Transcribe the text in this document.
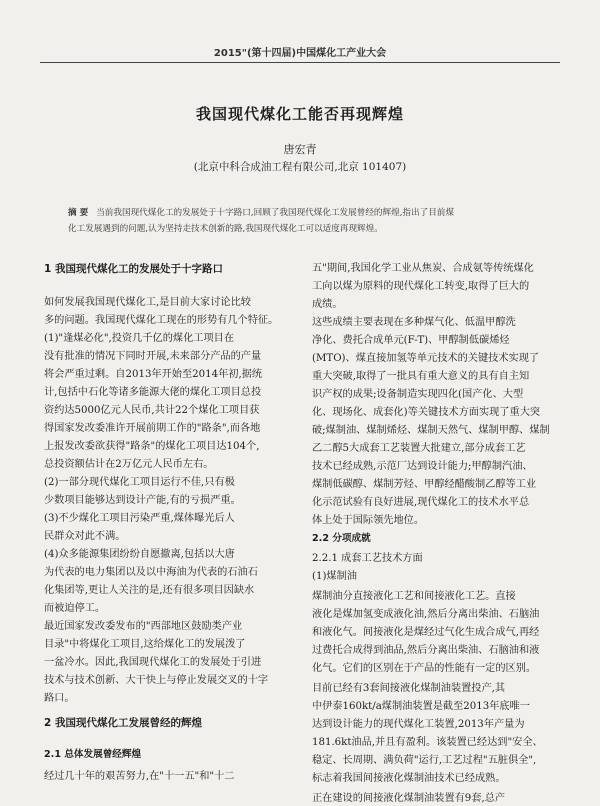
2015"(第十四届)中国煤化工产业大会
我国现代煤化工能否再现辉煌
唐宏青
(北京中科合成油工程有限公司,北京 101407)
摘 要 当前我国现代煤化工的发展处于十字路口,回顾了我国现代煤化工发展曾经的辉煌,指出了目前煤
化工发展遇到的问题,认为坚持走技术创新的路,我国现代煤化工可以适度再现辉煌。
1 我国现代煤化工的发展处于十字路口
如何发展我国现代煤化工,是目前大家讨论比较
多的问题。我国现代煤化工现在的形势有几个特征。
(1)"逢煤必化",投资几千亿的煤化工项目在
没有批准的情况下同时开展,未来部分产品的产量
将会严重过剩。自2013年开始至2014年初,据统
计,包括中石化等诸多能源大佬的煤化工项目总投
资约达5000亿元人民币,共计22个煤化工项目获
得国家发改委准许开展前期工作的"路条",而各地
上报发改委欲获得"路条"的煤化工项目达104个,
总投资额估计在2万亿元人民币左右。
(2)一部分现代煤化工项目运行不佳,只有极
少数项目能够达到设计产能,有的亏损严重。
(3)不少煤化工项目污染严重,煤体曝光后人
民群众对此不满。
(4)众多能源集团纷纷自愿撤离,包括以大唐
为代表的电力集团以及以中海油为代表的石油石
化集团等,更让人关注的是,还有很多项目因缺水
而被迫停工。
最近国家发改委发布的"西部地区鼓励类产业
目录"中将煤化工项目,这给煤化工的发展泼了
一盆冷水。因此,我国现代煤化工的发展处于引进
技术与技术创新、大干快上与停止发展交叉的十字
路口。
2 我国现代煤化工发展曾经的辉煌
2.1 总体发展曾经辉煌
经过几十年的艰苦努力,在"十一五"和"十二
五"期间,我国化学工业从焦炭、合成氨等传统煤化
工向以煤为原料的现代煤化工转变,取得了巨大的
成绩。
这些成绩主要表现在多种煤气化、低温甲醇洗
净化、费托合成单元(F-T)、甲醇制低碳烯烃
(MTO)、煤直接加氢等单元技术的关键技术实现了
重大突破,取得了一批具有重大意义的具有自主知
识产权的成果;设备制造实现四化(国产化、大型
化、现场化、成套化)等关键技术方面实现了重大突
破;煤制油、煤制烯烃、煤制天然气、煤制甲醇、煤制
乙二醇5大成套工艺装置大批建立,部分成套工艺
技术已经成熟,示范厂达到设计能力;甲醇制汽油、
煤制低碳醇、煤制芳烃、甲醇经醋酸制乙醇等工业
化示范试验有良好进展,现代煤化工的技术水平总
体上处于国际领先地位。
2.2 分项成就
2.2.1 成套工艺技术方面
(1)煤制油
煤制油分直接液化工艺和间接液化工艺。直接
液化是煤加氢变成液化油,然后分离出柴油、石脑油
和液化气。间接液化是煤经过气化生成合成气,再经
过费托合成得到油品,然后分离出柴油、石脑油和液
化气。它们的区别在于产品的性能有一定的区别。
目前已经有3套间接液化煤制油装置投产,其
中伊泰160kt/a煤制油装置是截至2013年底唯一
达到设计能力的现代煤化工装置,2013年产量为
181.6kt油品,并且有盈利。该装置已经达到"安全、
稳定、长周期、满负荷"运行,工艺过程"五脏俱全",
标志着我国间接液化煤制油技术已经成熟。
正在建设的间接液化煤制油装置有9套,总产
